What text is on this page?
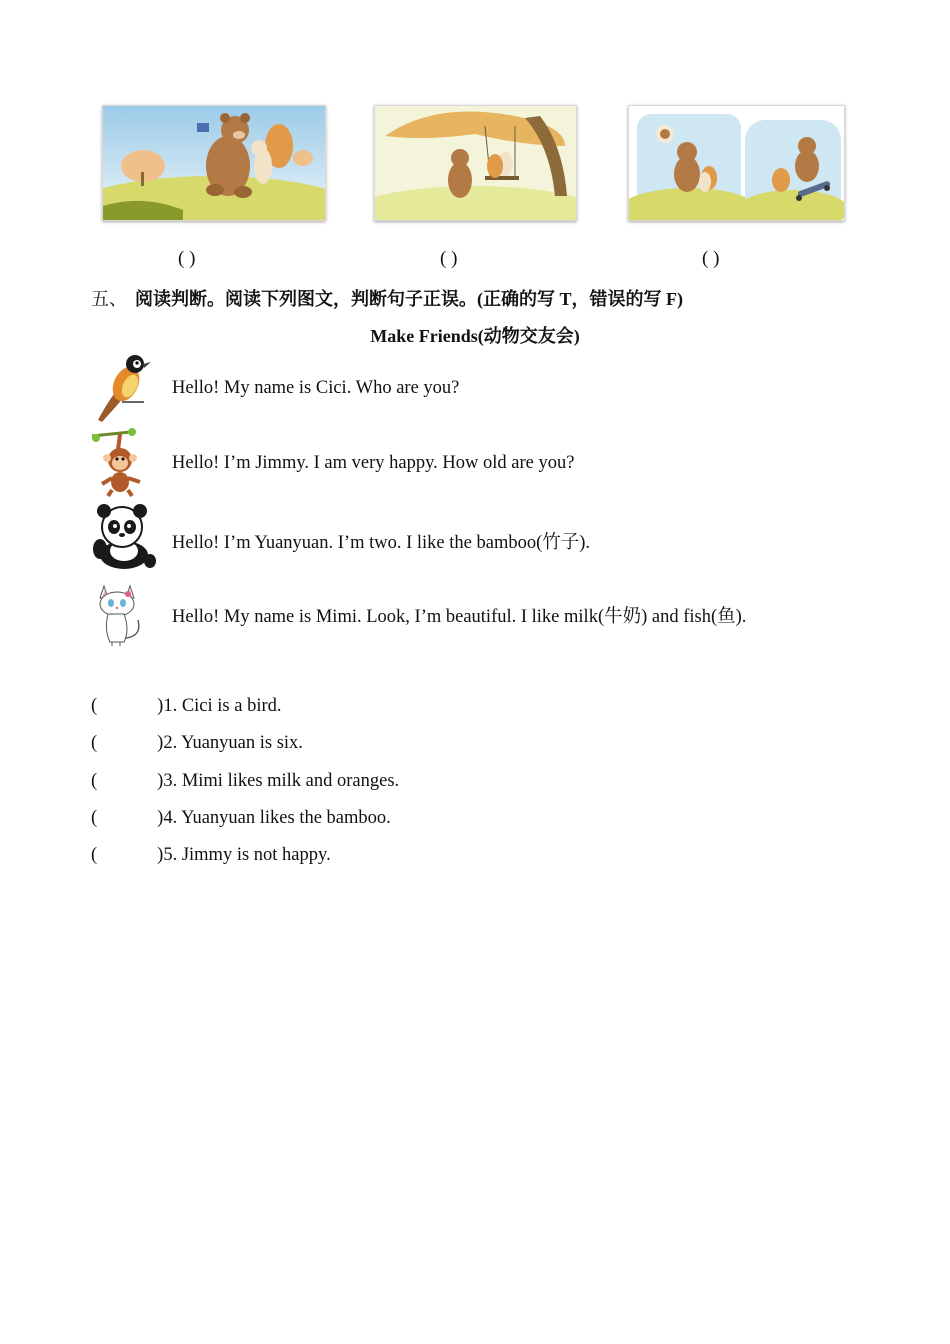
( )	( )	( )
五、 阅读判断。阅读下列图文，判断句子正误。(正确的写 T，错误的写 F)
Make Friends(动物交友会)
Hello! My name is Cici. Who are you?
Hello! I’m Jimmy. I am very happy. How old are you?
Hello! I’m Yuanyuan. I’m two. I like the bamboo(竹子).
Hello! My name is Mimi. Look, I’m beautiful. I like milk(牛奶) and fish(鱼).
(	)1. Cici is a bird.
(	)2. Yuanyuan is six.
(	)3. Mimi likes milk and oranges.
(	)4. Yuanyuan likes the bamboo.
(	)5. Jimmy is not happy.
